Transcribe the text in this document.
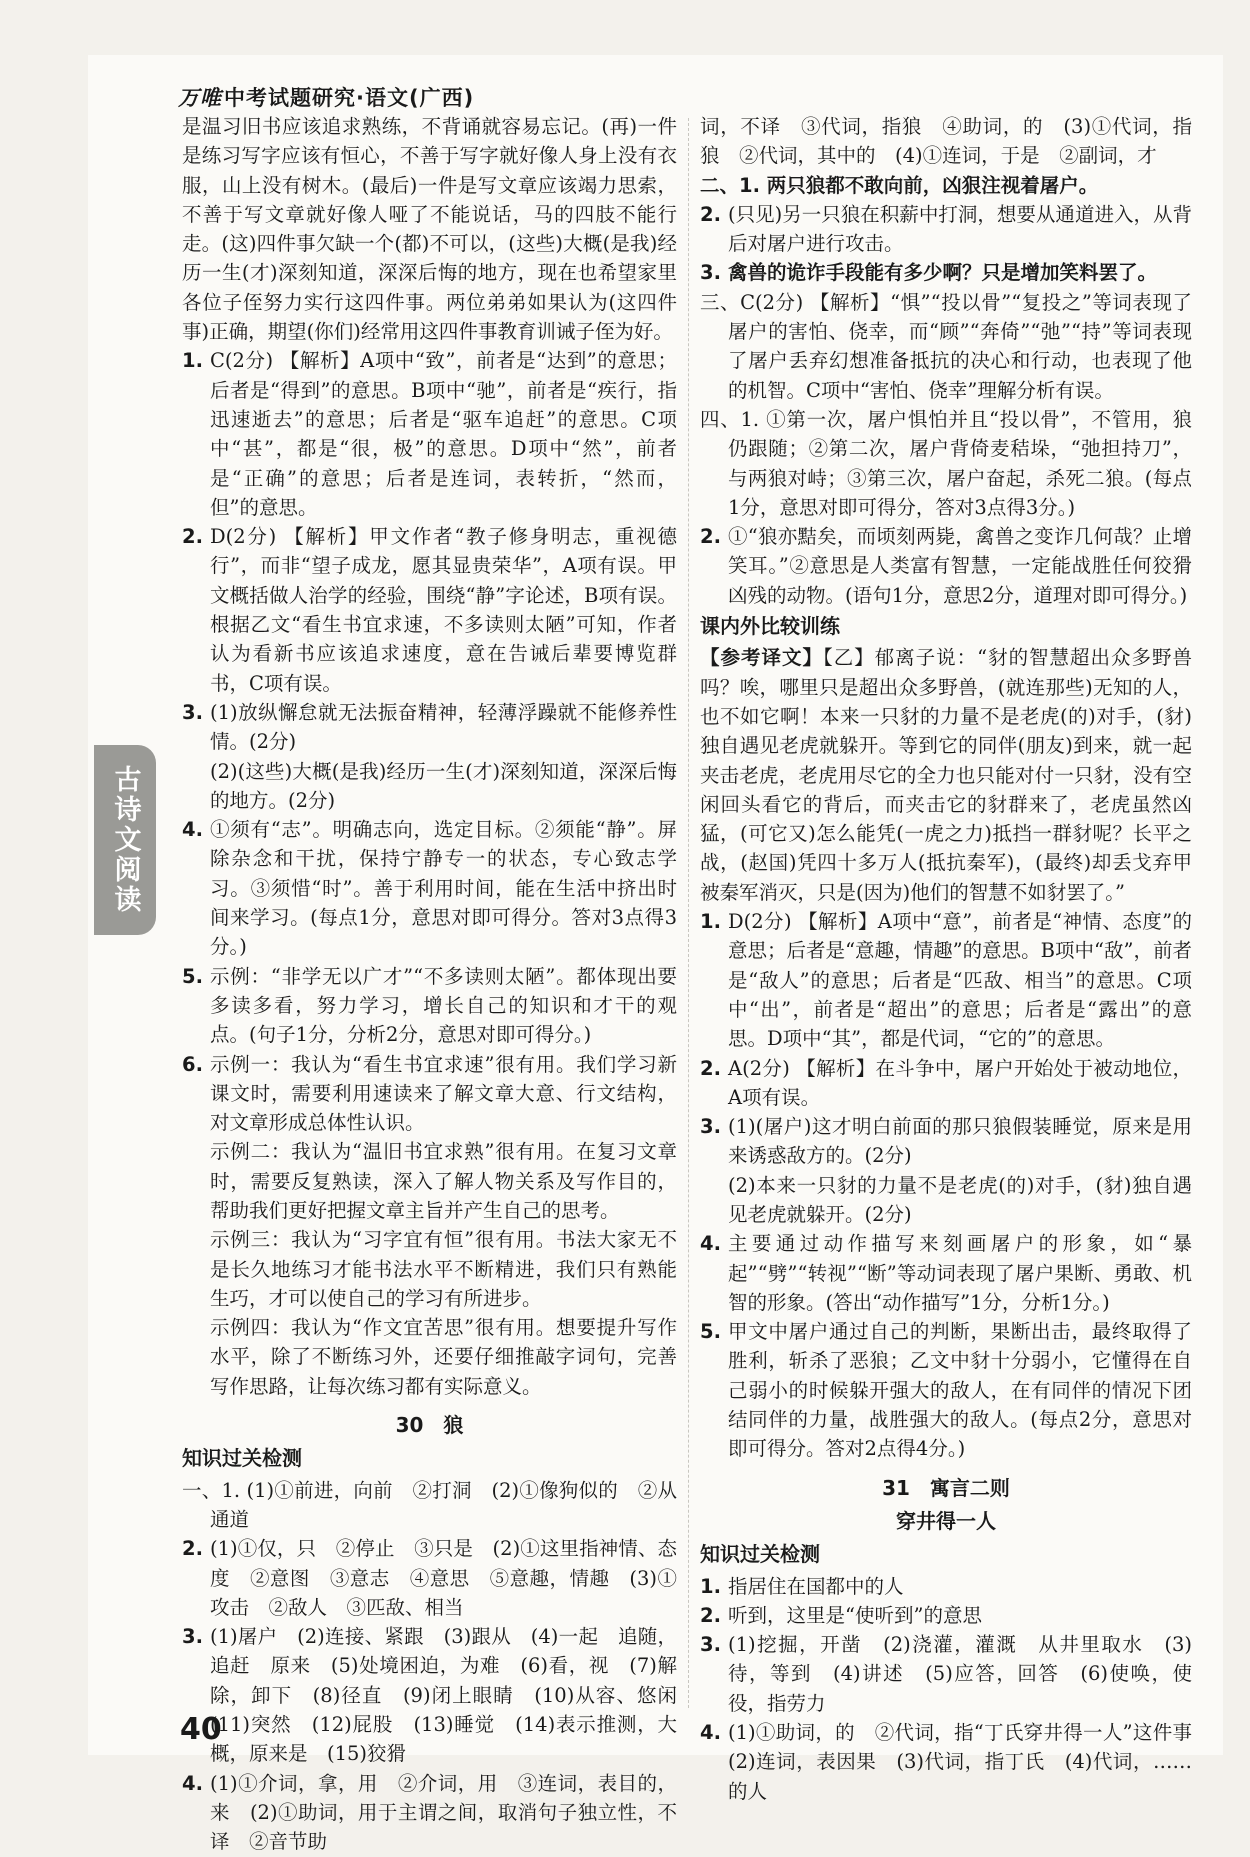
万唯中考试题研究·语文(广西)
古诗文阅读

是温习旧书应该追求熟练，不背诵就容易忘记。(再)一件是练习写字应该有恒心，不善于写字就好像人身上没有衣服，山上没有树木。(最后)一件是写文章应该竭力思索，不善于写文章就好像人哑了不能说话，马的四肢不能行走。(这)四件事欠缺一个(都)不可以，(这些)大概(是我)经历一生(才)深刻知道，深深后悔的地方，现在也希望家里各位子侄努力实行这四件事。两位弟弟如果认为(这四件事)正确，期望(你们)经常用这四件事教育训诫子侄为好。

1. C(2分) 【解析】A项中“致”，前者是“达到”的意思；后者是“得到”的意思。B项中“驰”，前者是“疾行，指迅速逝去”的意思；后者是“驱车追赶”的意思。C项中“甚”，都是“很，极”的意思。D项中“然”，前者是“正确”的意思；后者是连词，表转折，“然而，但”的意思。
2. D(2分) 【解析】甲文作者“教子修身明志，重视德行”，而非“望子成龙，愿其显贵荣华”，A项有误。甲文概括做人治学的经验，围绕“静”字论述，B项有误。根据乙文“看生书宜求速，不多读则太陋”可知，作者认为看新书应该追求速度，意在告诫后辈要博览群书，C项有误。
3. (1)放纵懈怠就无法振奋精神，轻薄浮躁就不能修养性情。(2分)
(2)(这些)大概(是我)经历一生(才)深刻知道，深深后悔的地方。(2分)
4. ①须有“志”。明确志向，选定目标。②须能“静”。屏除杂念和干扰，保持宁静专一的状态，专心致志学习。③须惜“时”。善于利用时间，能在生活中挤出时间来学习。(每点1分，意思对即可得分。答对3点得3分。)
5. 示例：“非学无以广才”“不多读则太陋”。都体现出要多读多看，努力学习，增长自己的知识和才干的观点。(句子1分，分析2分，意思对即可得分。)
6. 示例一：我认为“看生书宜求速”很有用。我们学习新课文时，需要利用速读来了解文章大意、行文结构，对文章形成总体性认识。
示例二：我认为“温旧书宜求熟”很有用。在复习文章时，需要反复熟读，深入了解人物关系及写作目的，帮助我们更好把握文章主旨并产生自己的思考。
示例三：我认为“习字宜有恒”很有用。书法大家无不是长久地练习才能书法水平不断精进，我们只有熟能生巧，才可以使自己的学习有所进步。
示例四：我认为“作文宜苦思”很有用。想要提升写作水平，除了不断练习外，还要仔细推敲字词句，完善写作思路，让每次练习都有实际意义。
30　狼
知识过关检测

一、1. (1)①前进，向前　②打洞　(2)①像狗似的　②从通道

2. (1)①仅，只　②停止　③只是　(2)①这里指神情、态度　②意图　③意志　④意思　⑤意趣，情趣　(3)①攻击　②敌人　③匹敌、相当
3. (1)屠户　(2)连接、紧跟　(3)跟从　(4)一起　追随，追赶　原来　(5)处境困迫，为难　(6)看，视　(7)解除，卸下　(8)径直　(9)闭上眼睛　(10)从容、悠闲　(11)突然　(12)屁股　(13)睡觉　(14)表示推测，大概，原来是　(15)狡猾
4. (1)①介词，拿，用　②介词，用　③连词，表目的，来　(2)①助词，用于主谓之间，取消句子独立性，不译　②音节助

词，不译　③代词，指狼　④助词，的　(3)①代词，指狼　②代词，其中的　(4)①连词，于是　②副词，才

二、1. 两只狼都不敢向前，凶狠注视着屠户。

2. (只见)另一只狼在积薪中打洞，想要从通道进入，从背后对屠户进行攻击。
3. 禽兽的诡诈手段能有多少啊？只是增加笑料罢了。

三、C(2分) 【解析】“惧”“投以骨”“复投之”等词表现了屠户的害怕、侥幸，而“顾”“奔倚”“弛”“持”等词表现了屠户丢弃幻想准备抵抗的决心和行动，也表现了他的机智。C项中“害怕、侥幸”理解分析有误。

四、1. ①第一次，屠户惧怕并且“投以骨”，不管用，狼仍跟随；②第二次，屠户背倚麦秸垛，“弛担持刀”，与两狼对峙；③第三次，屠户奋起，杀死二狼。(每点1分，意思对即可得分，答对3点得3分。)

2. ①“狼亦黠矣，而顷刻两毙，禽兽之变诈几何哉？止增笑耳。”②意思是人类富有智慧，一定能战胜任何狡猾凶残的动物。(语句1分，意思2分，道理对即可得分。)
课内外比较训练

【参考译文】【乙】郁离子说：“豺的智慧超出众多野兽吗？唉，哪里只是超出众多野兽，(就连那些)无知的人，也不如它啊！本来一只豺的力量不是老虎(的)对手，(豺)独自遇见老虎就躲开。等到它的同伴(朋友)到来，就一起夹击老虎，老虎用尽它的全力也只能对付一只豺，没有空闲回头看它的背后，而夹击它的豺群来了，老虎虽然凶猛，(可它又)怎么能凭(一虎之力)抵挡一群豺呢？长平之战，(赵国)凭四十多万人(抵抗秦军)，(最终)却丢戈弃甲被秦军消灭，只是(因为)他们的智慧不如豺罢了。”

1. D(2分) 【解析】A项中“意”，前者是“神情、态度”的意思；后者是“意趣，情趣”的意思。B项中“敌”，前者是“敌人”的意思；后者是“匹敌、相当”的意思。C项中“出”，前者是“超出”的意思；后者是“露出”的意思。D项中“其”，都是代词，“它的”的意思。
2. A(2分) 【解析】在斗争中，屠户开始处于被动地位，A项有误。
3. (1)(屠户)这才明白前面的那只狼假装睡觉，原来是用来诱惑敌方的。(2分)
(2)本来一只豺的力量不是老虎(的)对手，(豺)独自遇见老虎就躲开。(2分)
4. 主要通过动作描写来刻画屠户的形象，如“暴起”“劈”“转视”“断”等动词表现了屠户果断、勇敢、机智的形象。(答出“动作描写”1分，分析1分。)
5. 甲文中屠户通过自己的判断，果断出击，最终取得了胜利，斩杀了恶狼；乙文中豺十分弱小，它懂得在自己弱小的时候躲开强大的敌人，在有同伴的情况下团结同伴的力量，战胜强大的敌人。(每点2分，意思对即可得分。答对2点得4分。)
31　寓言二则
穿井得一人
知识过关检测
1. 指居住在国都中的人
2. 听到，这里是“使听到”的意思
3. (1)挖掘，开凿　(2)浇灌，灌溉　从井里取水　(3)待，等到　(4)讲述　(5)应答，回答　(6)使唤，使役，指劳力
4. (1)①助词，的　②代词，指“丁氏穿井得一人”这件事　(2)连词，表因果　(3)代词，指丁氏　(4)代词，……的人
40
